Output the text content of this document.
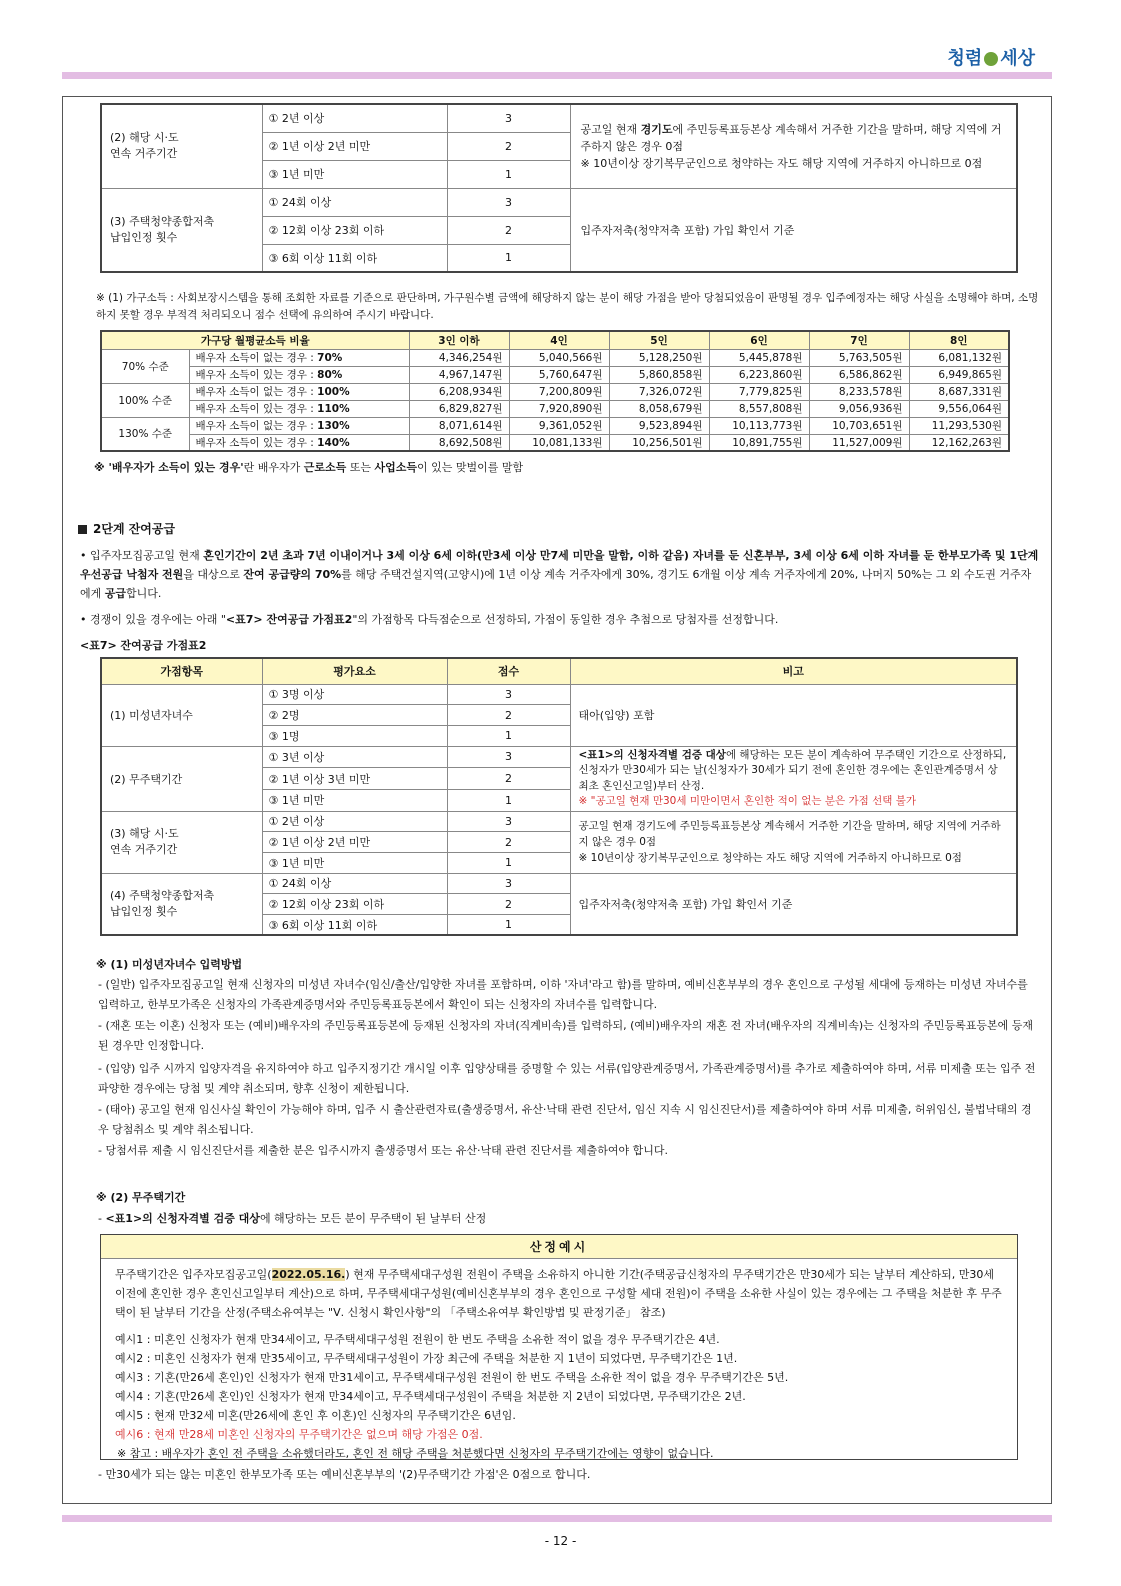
청렴 세상
(2) 해당 시·도
연속 거주기간	① 2년 이상	3	공고일 현재 경기도에 주민등록표등본상 계속해서 거주한 기간을 말하며, 해당 지역에 거주하지 않은 경우 0점
※ 10년이상 장기복무군인으로 청약하는 자도 해당 지역에 거주하지 아니하므로 0점
	② 1년 이상 2년 미만	2	
	③ 1년 미만	1	
(3) 주택청약종합저축
납입인정 횟수	① 24회 이상	3	입주자저축(청약저축 포함) 가입 확인서 기준
	② 12회 이상 23회 이하	2	
	③ 6회 이상 11회 이하	1	
※ (1) 가구소득 : 사회보장시스템을 통해 조회한 자료를 기준으로 판단하며, 가구원수별 금액에 해당하지 않는 분이 해당 가점을 받아 당첨되었음이 판명될 경우 입주예정자는 해당 사실을 소명해야 하며, 소명하지 못할 경우 부적격 처리되오니 점수 선택에 유의하여 주시기 바랍니다.
가구당 월평균소득 비율		3인 이하	4인	5인	6인	7인	8인
70% 수준	배우자 소득이 없는 경우 : 70%	4,346,254원	5,040,566원	5,128,250원	5,445,878원	5,763,505원	6,081,132원
	배우자 소득이 있는 경우 : 80%	4,967,147원	5,760,647원	5,860,858원	6,223,860원	6,586,862원	6,949,865원
100% 수준	배우자 소득이 없는 경우 : 100%	6,208,934원	7,200,809원	7,326,072원	7,779,825원	8,233,578원	8,687,331원
	배우자 소득이 있는 경우 : 110%	6,829,827원	7,920,890원	8,058,679원	8,557,808원	9,056,936원	9,556,064원
130% 수준	배우자 소득이 없는 경우 : 130%	8,071,614원	9,361,052원	9,523,894원	10,113,773원	10,703,651원	11,293,530원
	배우자 소득이 있는 경우 : 140%	8,692,508원	10,081,133원	10,256,501원	10,891,755원	11,527,009원	12,162,263원
※ '배우자가 소득이 있는 경우'란 배우자가 근로소득 또는 사업소득이 있는 맞벌이를 말함
2단계 잔여공급
• 입주자모집공고일 현재 혼인기간이 2년 초과 7년 이내이거나 3세 이상 6세 이하(만3세 이상 만7세 미만을 말함, 이하 같음) 자녀를 둔 신혼부부, 3세 이상 6세 이하 자녀를 둔 한부모가족 및 1단계 우선공급 낙첨자 전원을 대상으로 잔여 공급량의 70%를 해당 주택건설지역(고양시)에 1년 이상 계속 거주자에게 30%, 경기도 6개월 이상 계속 거주자에게 20%, 나머지 50%는 그 외 수도권 거주자에게 공급합니다.
• 경쟁이 있을 경우에는 아래 "<표7> 잔여공급 가점표2"의 가점항목 다득점순으로 선정하되, 가점이 동일한 경우 추첨으로 당첨자를 선정합니다.
<표7> 잔여공급 가점표2
가점항목	평가요소	점수	비고
(1) 미성년자녀수	① 3명 이상	3	태아(입양) 포함
	② 2명	2	
	③ 1명	1	
(2) 무주택기간	① 3년 이상	3	<표1>의 신청자격별 검증 대상에 해당하는 모든 분이 계속하여 무주택인 기간으로 산정하되, 신청자가 만30세가 되는 날(신청자가 30세가 되기 전에 혼인한 경우에는 혼인관계증명서 상 최초 혼인신고일)부터 산정.
※ "공고일 현재 만30세 미만이면서 혼인한 적이 없는 분은 가점 선택 불가
	② 1년 이상 3년 미만	2	
	③ 1년 미만	1	
(3) 해당 시·도
연속 거주기간	① 2년 이상	3	공고일 현재 경기도에 주민등록표등본상 계속해서 거주한 기간을 말하며, 해당 지역에 거주하지 않은 경우 0점
※ 10년이상 장기복무군인으로 청약하는 자도 해당 지역에 거주하지 아니하므로 0점
	② 1년 이상 2년 미만	2	
	③ 1년 미만	1	
(4) 주택청약종합저축
납입인정 횟수	① 24회 이상	3	입주자저축(청약저축 포함) 가입 확인서 기준
	② 12회 이상 23회 이하	2	
	③ 6회 이상 11회 이하	1	
※ (1) 미성년자녀수 입력방법
- (일반) 입주자모집공고일 현재 신청자의 미성년 자녀수(임신/출산/입양한 자녀를 포함하며, 이하 '자녀'라고 함)를 말하며, 예비신혼부부의 경우 혼인으로 구성될 세대에 등재하는 미성년 자녀수를 입력하고, 한부모가족은 신청자의 가족관계증명서와 주민등록표등본에서 확인이 되는 신청자의 자녀수를 입력합니다.
- (재혼 또는 이혼) 신청자 또는 (예비)배우자의 주민등록표등본에 등재된 신청자의 자녀(직계비속)를 입력하되, (예비)배우자의 재혼 전 자녀(배우자의 직계비속)는 신청자의 주민등록표등본에 등재된 경우만 인정합니다.
- (입양) 입주 시까지 입양자격을 유지하여야 하고 입주지정기간 개시일 이후 입양상태를 증명할 수 있는 서류(입양관계증명서, 가족관계증명서)를 추가로 제출하여야 하며, 서류 미제출 또는 입주 전 파양한 경우에는 당첨 및 계약 취소되며, 향후 신청이 제한됩니다.
- (태아) 공고일 현재 임신사실 확인이 가능해야 하며, 입주 시 출산관련자료(출생증명서, 유산·낙태 관련 진단서, 임신 지속 시 임신진단서)를 제출하여야 하며 서류 미제출, 허위임신, 불법낙태의 경우 당첨취소 및 계약 취소됩니다.
- 당첨서류 제출 시 임신진단서를 제출한 분은 입주시까지 출생증명서 또는 유산·낙태 관련 진단서를 제출하여야 합니다.
※ (2) 무주택기간
- <표1>의 신청자격별 검증 대상에 해당하는 모든 분이 무주택이 된 날부터 산정
산정예시
무주택기간은 입주자모집공고일(2022.05.16.) 현재 무주택세대구성원 전원이 주택을 소유하지 아니한 기간(주택공급신청자의 무주택기간은 만30세가 되는 날부터 계산하되, 만30세 이전에 혼인한 경우 혼인신고일부터 계산)으로 하며, 무주택세대구성원(예비신혼부부의 경우 혼인으로 구성할 세대 전원)이 주택을 소유한 사실이 있는 경우에는 그 주택을 처분한 후 무주택이 된 날부터 기간을 산정(주택소유여부는 "Ⅴ. 신청시 확인사항"의 「주택소유여부 확인방법 및 판정기준」 참조)
예시1 : 미혼인 신청자가 현재 만34세이고, 무주택세대구성원 전원이 한 번도 주택을 소유한 적이 없을 경우 무주택기간은 4년.
예시2 : 미혼인 신청자가 현재 만35세이고, 무주택세대구성원이 가장 최근에 주택을 처분한 지 1년이 되었다면, 무주택기간은 1년.
예시3 : 기혼(만26세 혼인)인 신청자가 현재 만31세이고, 무주택세대구성원 전원이 한 번도 주택을 소유한 적이 없을 경우 무주택기간은 5년.
예시4 : 기혼(만26세 혼인)인 신청자가 현재 만34세이고, 무주택세대구성원이 주택을 처분한 지 2년이 되었다면, 무주택기간은 2년.
예시5 : 현재 만32세 미혼(만26세에 혼인 후 이혼)인 신청자의 무주택기간은 6년임.
예시6 : 현재 만28세 미혼인 신청자의 무주택기간은 없으며 해당 가점은 0점.
※ 참고 : 배우자가 혼인 전 주택을 소유했더라도, 혼인 전 해당 주택을 처분했다면 신청자의 무주택기간에는 영향이 없습니다.
- 만30세가 되는 않는 미혼인 한부모가족 또는 예비신혼부부의 '(2)무주택기간 가점'은 0점으로 합니다.
- 12 -
